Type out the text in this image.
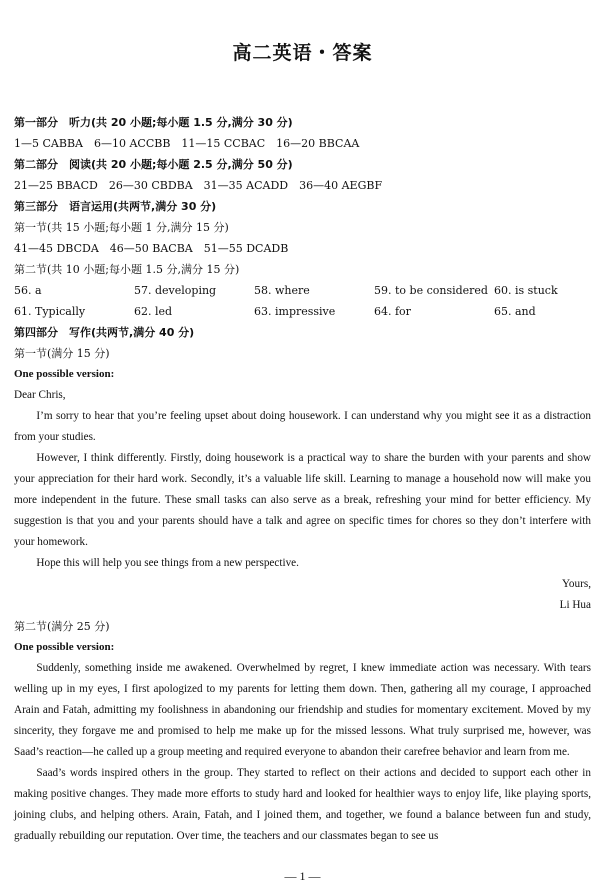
高二英语・答案
第一部分　听力(共 20 小题;每小题 1.5 分,满分 30 分)
1—5 CABBA　6—10 ACCBB　11—15 CCBAC　16—20 BBCAA
第二部分　阅读(共 20 小题;每小题 2.5 分,满分 50 分)
21—25 BBACD　26—30 CBDBA　31—35 ACADD　36—40 AEGBF
第三部分　语言运用(共两节,满分 30 分)
第一节(共 15 小题;每小题 1 分,满分 15 分)
41—45 DBCDA　46—50 BACBA　51—55 DCADB
第二节(共 10 小题;每小题 1.5 分,满分 15 分)
56. a	57. developing	58. where	59. to be considered 60. is stuck
61. Typically	62. led	63. impressive	64. for	65. and
第四部分　写作(共两节,满分 40 分)
第一节(满分 15 分)
One possible version:

Dear Chris,

I’m sorry to hear that you’re feeling upset about doing housework. I can understand why you might see it as a distraction from your studies.

However, I think differently. Firstly, doing housework is a practical way to share the burden with your parents and show your appreciation for their hard work. Secondly, it’s a valuable life skill. Learning to manage a household now will make you more independent in the future. These small tasks can also serve as a break, refreshing your mind for better efficiency. My suggestion is that you and your parents should have a talk and agree on specific times for chores so they don’t interfere with your homework.

Hope this will help you see things from a new perspective.

Yours,
Li Hua
第二节(满分 25 分)
One possible version:

Suddenly, something inside me awakened. Overwhelmed by regret, I knew immediate action was necessary. With tears welling up in my eyes, I first apologized to my parents for letting them down. Then, gathering all my courage, I approached Arain and Fatah, admitting my foolishness in abandoning our friendship and studies for momentary excitement. Moved by my sincerity, they forgave me and promised to help me make up for the missed lessons. What truly surprised me, however, was Saad’s reaction—he called up a group meeting and required everyone to abandon their carefree behavior and learn from me.

Saad’s words inspired others in the group. They started to reflect on their actions and decided to support each other in making positive changes. They made more efforts to study hard and looked for healthier ways to enjoy life, like playing sports, joining clubs, and helping others. Arain, Fatah, and I joined them, and together, we found a balance between fun and study, gradually rebuilding our reputation. Over time, the teachers and our classmates began to see us

— 1 —
